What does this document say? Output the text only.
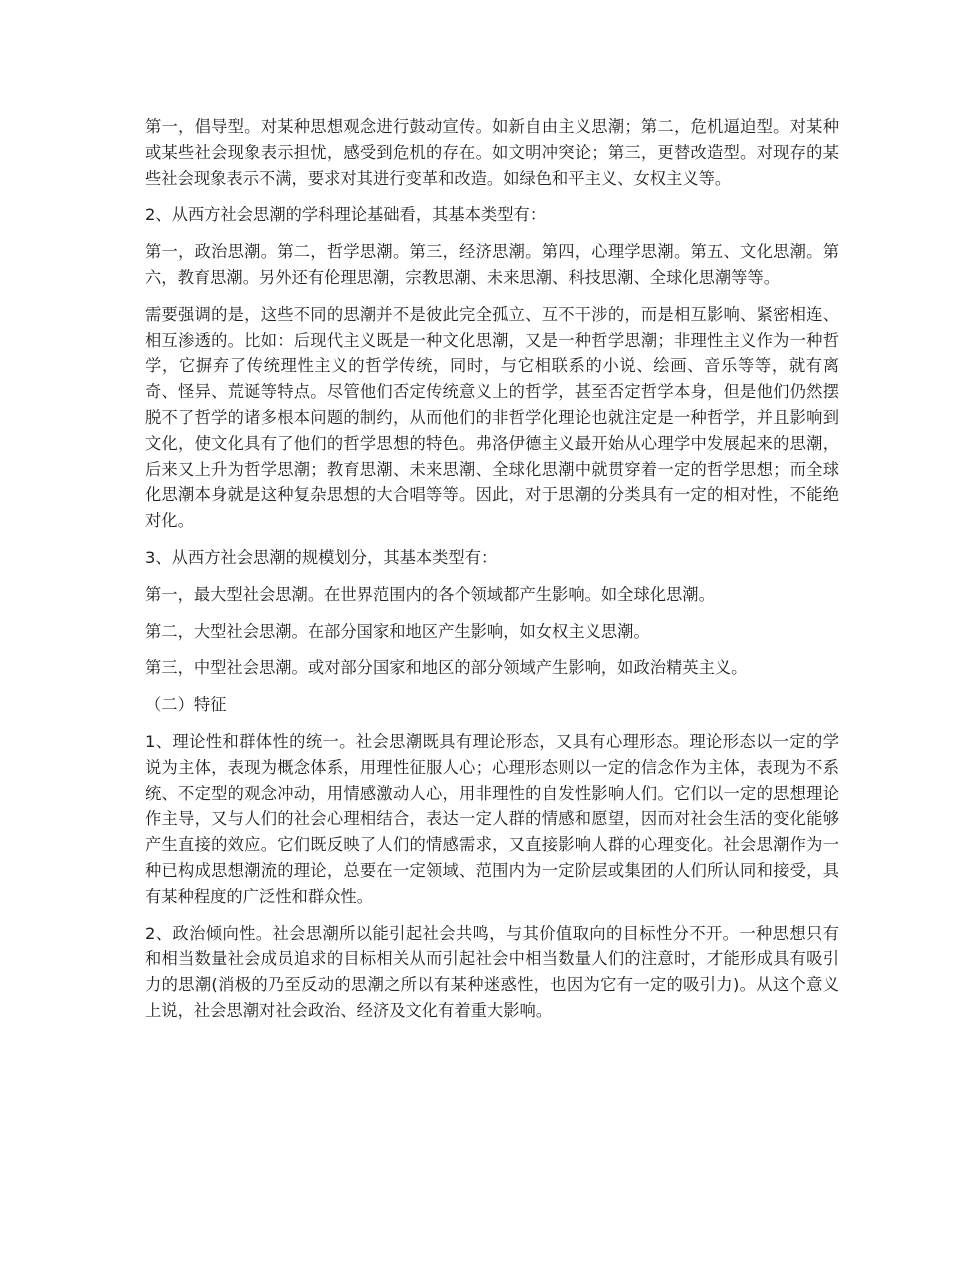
第一，倡导型。对某种思想观念进行鼓动宣传。如新自由主义思潮；第二，危机逼迫型。对某种或某些社会现象表示担忧，感受到危机的存在。如文明冲突论；第三，更替改造型。对现存的某些社会现象表示不满，要求对其进行变革和改造。如绿色和平主义、女权主义等。

2、从西方社会思潮的学科理论基础看，其基本类型有：

第一，政治思潮。第二，哲学思潮。第三，经济思潮。第四，心理学思潮。第五、文化思潮。第六，教育思潮。另外还有伦理思潮，宗教思潮、未来思潮、科技思潮、全球化思潮等等。

需要强调的是，这些不同的思潮并不是彼此完全孤立、互不干涉的，而是相互影响、紧密相连、相互渗透的。比如：后现代主义既是一种文化思潮，又是一种哲学思潮；非理性主义作为一种哲学，它摒弃了传统理性主义的哲学传统，同时，与它相联系的小说、绘画、音乐等等，就有离奇、怪异、荒诞等特点。尽管他们否定传统意义上的哲学，甚至否定哲学本身，但是他们仍然摆脱不了哲学的诸多根本问题的制约，从而他们的非哲学化理论也就注定是一种哲学，并且影响到文化，使文化具有了他们的哲学思想的特色。弗洛伊德主义最开始从心理学中发展起来的思潮，后来又上升为哲学思潮；教育思潮、未来思潮、全球化思潮中就贯穿着一定的哲学思想；而全球化思潮本身就是这种复杂思想的大合唱等等。因此，对于思潮的分类具有一定的相对性，不能绝对化。

3、从西方社会思潮的规模划分，其基本类型有：

第一，最大型社会思潮。在世界范围内的各个领域都产生影响。如全球化思潮。

第二，大型社会思潮。在部分国家和地区产生影响，如女权主义思潮。

第三，中型社会思潮。或对部分国家和地区的部分领域产生影响，如政治精英主义。

（二）特征

1、理论性和群体性的统一。社会思潮既具有理论形态，又具有心理形态。理论形态以一定的学说为主体，表现为概念体系，用理性征服人心；心理形态则以一定的信念作为主体，表现为不系统、不定型的观念冲动，用情感激动人心，用非理性的自发性影响人们。它们以一定的思想理论作主导，又与人们的社会心理相结合，表达一定人群的情感和愿望，因而对社会生活的变化能够产生直接的效应。它们既反映了人们的情感需求，又直接影响人群的心理变化。社会思潮作为一种已构成思想潮流的理论，总要在一定领域、范围内为一定阶层或集团的人们所认同和接受，具有某种程度的广泛性和群众性。

2、政治倾向性。社会思潮所以能引起社会共鸣，与其价值取向的目标性分不开。一种思想只有和相当数量社会成员追求的目标相关从而引起社会中相当数量人们的注意时，才能形成具有吸引力的思潮(消极的乃至反动的思潮之所以有某种迷惑性，也因为它有一定的吸引力)。从这个意义上说，社会思潮对社会政治、经济及文化有着重大影响。
